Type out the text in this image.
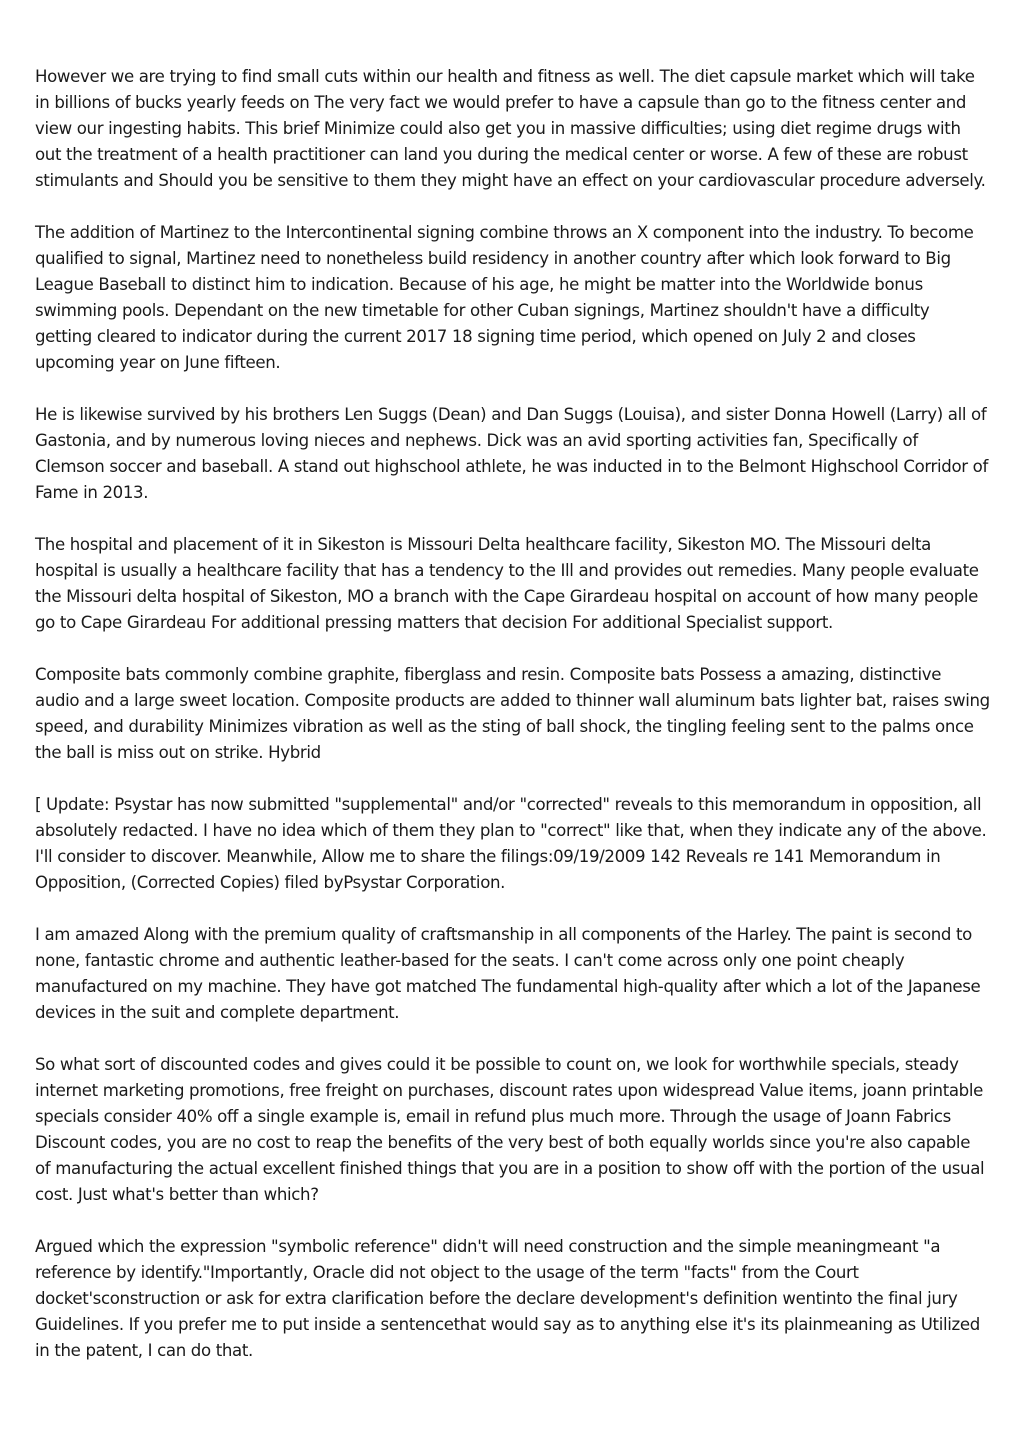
However we are trying to find small cuts within our health and fitness as well. The diet capsule market which will take in billions of bucks yearly feeds on The very fact we would prefer to have a capsule than go to the fitness center and view our ingesting habits. This brief Minimize could also get you in massive difficulties; using diet regime drugs with out the treatment of a health practitioner can land you during the medical center or worse. A few of these are robust stimulants and Should you be sensitive to them they might have an effect on your cardiovascular procedure adversely.

The addition of Martinez to the Intercontinental signing combine throws an X component into the industry. To become qualified to signal, Martinez need to nonetheless build residency in another country after which look forward to Big League Baseball to distinct him to indication. Because of his age, he might be matter into the Worldwide bonus swimming pools. Dependant on the new timetable for other Cuban signings, Martinez shouldn't have a difficulty getting cleared to indicator during the current 2017 18 signing time period, which opened on July 2 and closes upcoming year on June fifteen.

He is likewise survived by his brothers Len Suggs (Dean) and Dan Suggs (Louisa), and sister Donna Howell (Larry) all of Gastonia, and by numerous loving nieces and nephews. Dick was an avid sporting activities fan, Specifically of Clemson soccer and baseball. A stand out highschool athlete, he was inducted in to the Belmont Highschool Corridor of Fame in 2013.

The hospital and placement of it in Sikeston is Missouri Delta healthcare facility, Sikeston MO. The Missouri delta hospital is usually a healthcare facility that has a tendency to the Ill and provides out remedies. Many people evaluate the Missouri delta hospital of Sikeston, MO a branch with the Cape Girardeau hospital on account of how many people go to Cape Girardeau For additional pressing matters that decision For additional Specialist support.

Composite bats commonly combine graphite, fiberglass and resin. Composite bats Possess a amazing, distinctive audio and a large sweet location. Composite products are added to thinner wall aluminum bats lighter bat, raises swing speed, and durability Minimizes vibration as well as the sting of ball shock, the tingling feeling sent to the palms once the ball is miss out on strike. Hybrid

[ Update: Psystar has now submitted "supplemental" and/or "corrected" reveals to this memorandum in opposition, all absolutely redacted. I have no idea which of them they plan to "correct" like that, when they indicate any of the above. I'll consider to discover. Meanwhile, Allow me to share the filings:09/19/2009 142 Reveals re 141 Memorandum in Opposition, (Corrected Copies) filed byPsystar Corporation.

I am amazed Along with the premium quality of craftsmanship in all components of the Harley. The paint is second to none, fantastic chrome and authentic leather-based for the seats. I can't come across only one point cheaply manufactured on my machine. They have got matched The fundamental high-quality after which a lot of the Japanese devices in the suit and complete department.

So what sort of discounted codes and gives could it be possible to count on, we look for worthwhile specials, steady internet marketing promotions, free freight on purchases, discount rates upon widespread Value items, joann printable specials consider 40% off a single example is, email in refund plus much more. Through the usage of Joann Fabrics Discount codes, you are no cost to reap the benefits of the very best of both equally worlds since you're also capable of manufacturing the actual excellent finished things that you are in a position to show off with the portion of the usual cost. Just what's better than which?

Argued which the expression "symbolic reference" didn't will need construction and the simple meaningmeant "a reference by identify."Importantly, Oracle did not object to the usage of the term "facts" from the Court docket'sconstruction or ask for extra clarification before the declare development's definition wentinto the final jury Guidelines. If you prefer me to put inside a sentencethat would say as to anything else it's its plainmeaning as Utilized in the patent, I can do that.
